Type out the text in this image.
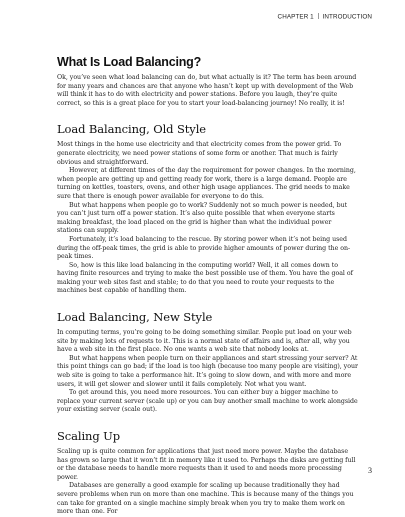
CHAPTER 1 INTRODUCTION
What Is Load Balancing?

Ok, you’ve seen what load balancing can do, but what actually is it? The term has been around for many years and chances are that anyone who hasn’t kept up with development of the Web will think it has to do with electricity and power stations. Before you laugh, they’re quite correct, so this is a great place for you to start your load-balancing journey! No really, it is!

Load Balancing, Old Style

Most things in the home use electricity and that electricity comes from the power grid. To generate electricity, we need power stations of some form or another. That much is fairly obvious and straightforward.

However, at different times of the day the requirement for power changes. In the morning, when people are getting up and getting ready for work, there is a large demand. People are turning on kettles, toasters, ovens, and other high usage appliances. The grid needs to make sure that there is enough power available for everyone to do this.

But what happens when people go to work? Suddenly not so much power is needed, but you can’t just turn off a power station. It’s also quite possible that when everyone starts making breakfast, the load placed on the grid is higher than what the individual power stations can supply.

Fortunately, it’s load balancing to the rescue. By storing power when it’s not being used during the off-peak times, the grid is able to provide higher amounts of power during the on-peak times.

So, how is this like load balancing in the computing world? Well, it all comes down to having finite resources and trying to make the best possible use of them. You have the goal of making your web sites fast and stable; to do that you need to route your requests to the machines best capable of handling them.

Load Balancing, New Style

In computing terms, you’re going to be doing something similar. People put load on your web site by making lots of requests to it. This is a normal state of affairs and is, after all, why you have a web site in the first place. No one wants a web site that nobody looks at.

But what happens when people turn on their appliances and start stressing your server? At this point things can go bad; if the load is too high (because too many people are visiting), your web site is going to take a performance hit. It’s going to slow down, and with more and more users, it will get slower and slower until it fails completely. Not what you want.

To get around this, you need more resources. You can either buy a bigger machine to replace your current server (scale up) or you can buy another small machine to work alongside your existing server (scale out).

Scaling Up

Scaling up is quite common for applications that just need more power. Maybe the database has grown so large that it won’t fit in memory like it used to. Perhaps the disks are getting full or the database needs to handle more requests than it used to and needs more processing power.

Databases are generally a good example for scaling up because traditionally they had severe problems when run on more than one machine. This is because many of the things you can take for granted on a single machine simply break when you try to make them work on more than one. For

3
